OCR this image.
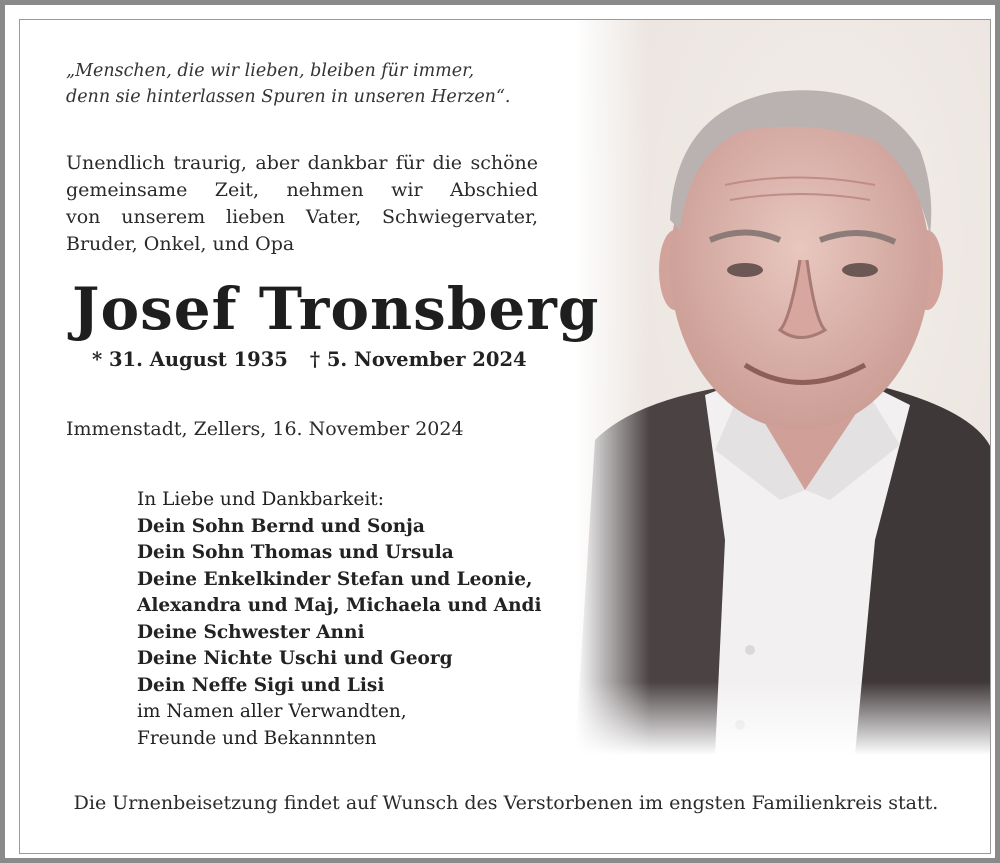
„Menschen, die wir lieben, bleiben für immer,
denn sie hinterlassen Spuren in unseren Herzen“.
Unendlich traurig, aber dankbar für die schöne
gemeinsame Zeit, nehmen wir Abschied
von unserem lieben Vater, Schwiegervater,
Bruder, Onkel, und Opa
Josef Tronsberg
* 31. August 1935 † 5. November 2024
Immenstadt, Zellers, 16. November 2024
In Liebe und Dankbarkeit:
Dein Sohn Bernd und Sonja
Dein Sohn Thomas und Ursula
Deine Enkelkinder Stefan und Leonie,
Alexandra und Maj, Michaela und Andi
Deine Schwester Anni
Deine Nichte Uschi und Georg
Dein Neffe Sigi und Lisi
im Namen aller Verwandten,
Freunde und Bekannnten
Die Urnenbeisetzung findet auf Wunsch des Verstorbenen im engsten Familienkreis statt.
